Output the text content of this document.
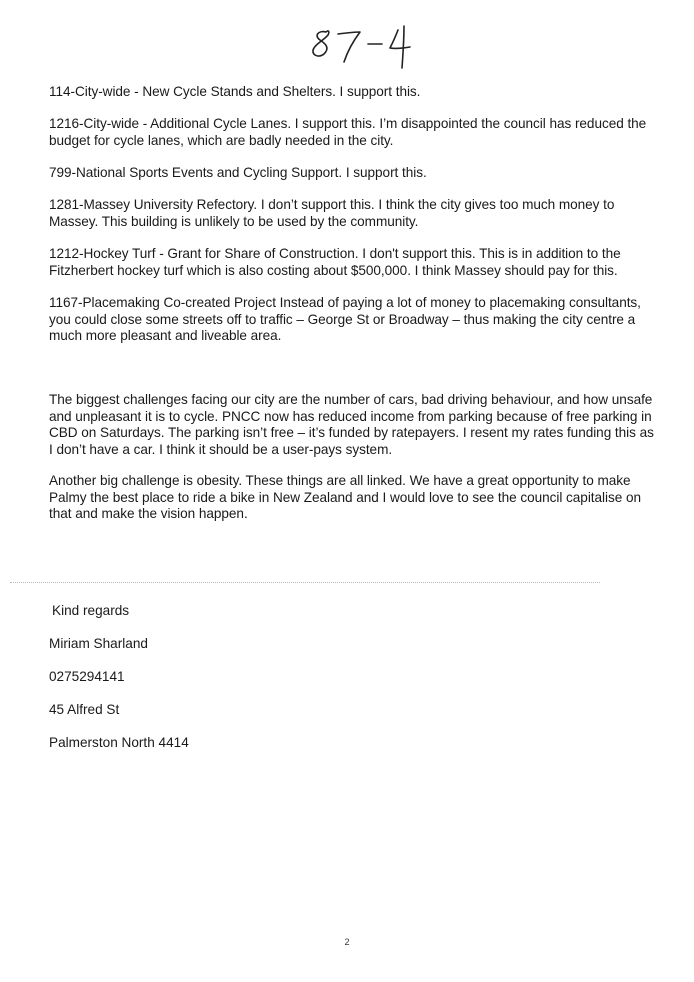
114-City-wide - New Cycle Stands and Shelters. I support this.

1216-City-wide - Additional Cycle Lanes. I support this. I’m disappointed the council has reduced the budget for cycle lanes, which are badly needed in the city.

799-National Sports Events and Cycling Support. I support this.

1281-Massey University Refectory. I don’t support this. I think the city gives too much money to Massey. This building is unlikely to be used by the community.

1212-Hockey Turf - Grant for Share of Construction. I don't support this. This is in addition to the Fitzherbert hockey turf which is also costing about $500,000. I think Massey should pay for this.

1167-Placemaking Co-created Project Instead of paying a lot of money to placemaking consultants, you could close some streets off to traffic – George St or Broadway – thus making the city centre a much more pleasant and liveable area.

The biggest challenges facing our city are the number of cars, bad driving behaviour, and how unsafe and unpleasant it is to cycle. PNCC now has reduced income from parking because of free parking in CBD on Saturdays. The parking isn’t free – it’s funded by ratepayers. I resent my rates funding this as I don’t have a car. I think it should be a user-pays system.

Another big challenge is obesity. These things are all linked. We have a great opportunity to make Palmy the best place to ride a bike in New Zealand and I would love to see the council capitalise on that and make the vision happen.

Kind regards

Miriam Sharland

0275294141

45 Alfred St

Palmerston North 4414

2
